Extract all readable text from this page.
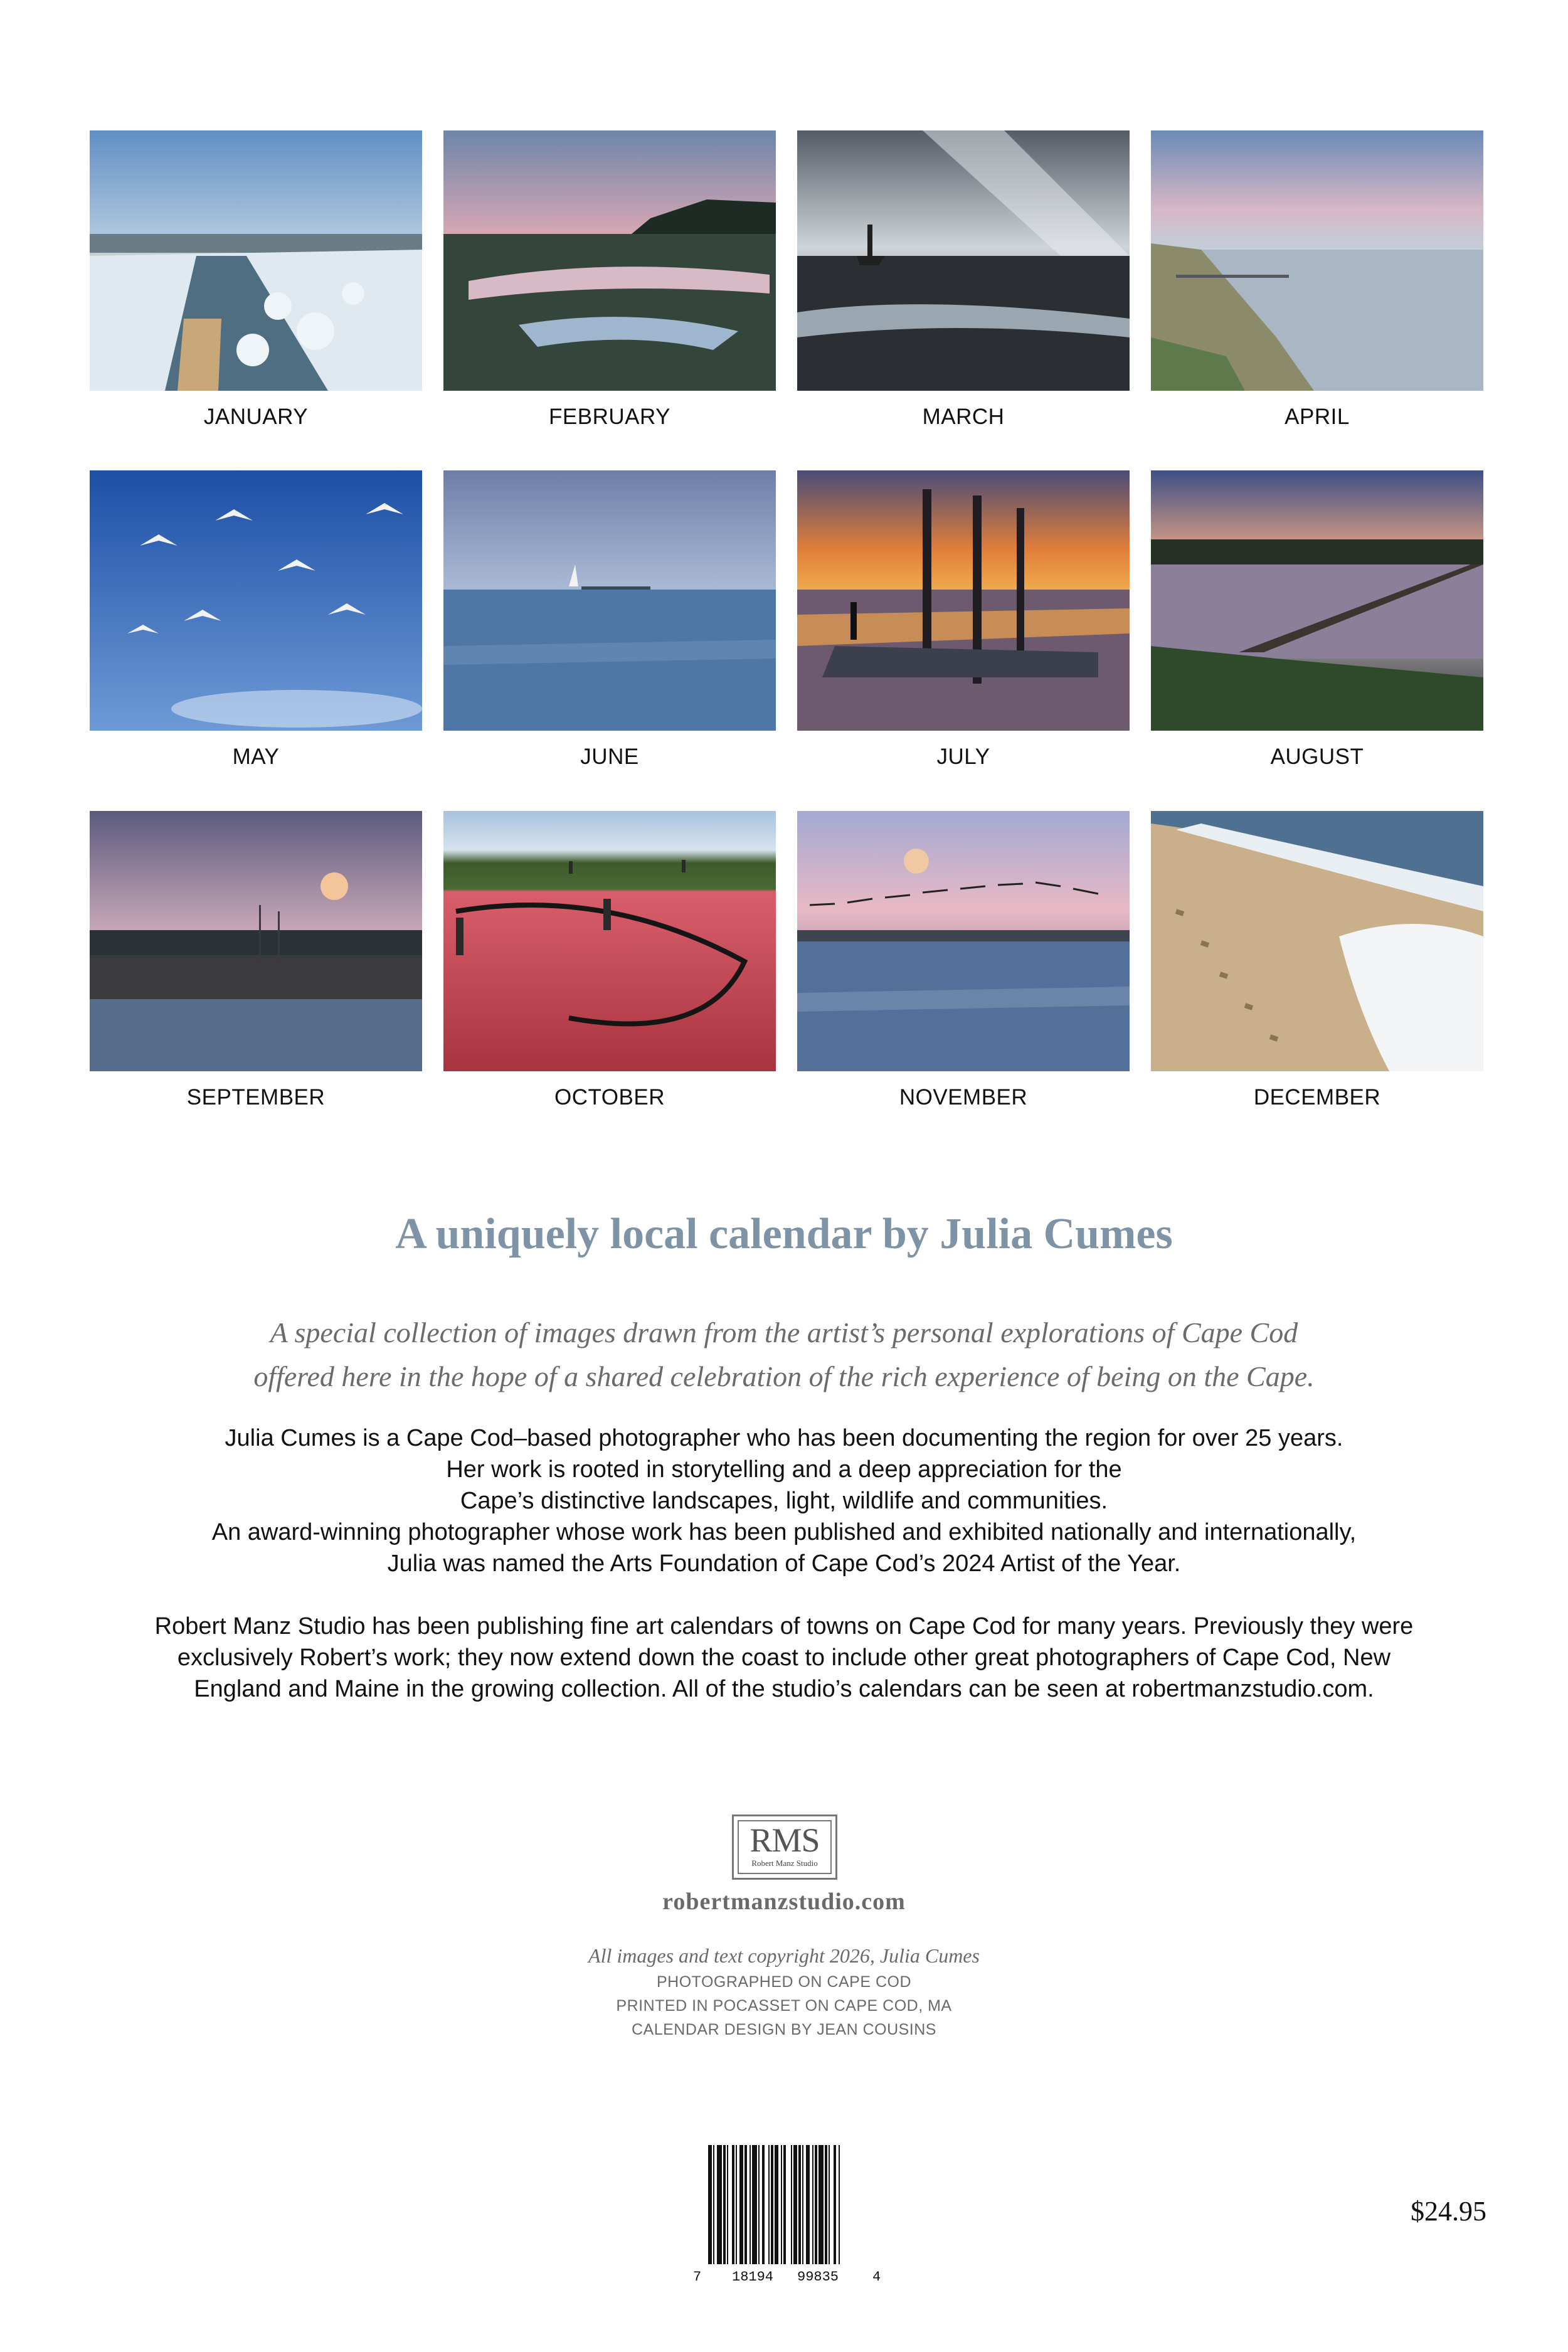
JANUARY	FEBRUARY	MARCH	APRIL
MAY	JUNE	JULY	AUGUST
SEPTEMBER	OCTOBER	NOVEMBER	DECEMBER
A uniquely local calendar by Julia Cumes
A special collection of images drawn from the artist’s personal explorations of Cape Cod
offered here in the hope of a shared celebration of the rich experience of being on the Cape.
Julia Cumes is a Cape Cod–based photographer who has been documenting the region for over 25 years.
Her work is rooted in storytelling and a deep appreciation for the
Cape’s distinctive landscapes, light, wildlife and communities.
An award-winning photographer whose work has been published and exhibited nationally and internationally,
Julia was named the Arts Foundation of Cape Cod’s 2024 Artist of the Year.
Robert Manz Studio has been publishing fine art calendars of towns on Cape Cod for many years. Previously they were
exclusively Robert’s work; they now extend down the coast to include other great photographers of Cape Cod, New
England and Maine in the growing collection. All of the studio’s calendars can be seen at robertmanzstudio.com.
RMS
Robert Manz Studio
robertmanzstudio.com
All images and text copyright 2026, Julia Cumes
PHOTOGRAPHED ON CAPE COD
PRINTED IN POCASSET ON CAPE COD, MA
CALENDAR DESIGN BY JEAN COUSINS
7 18194 99835 4
$24.95
